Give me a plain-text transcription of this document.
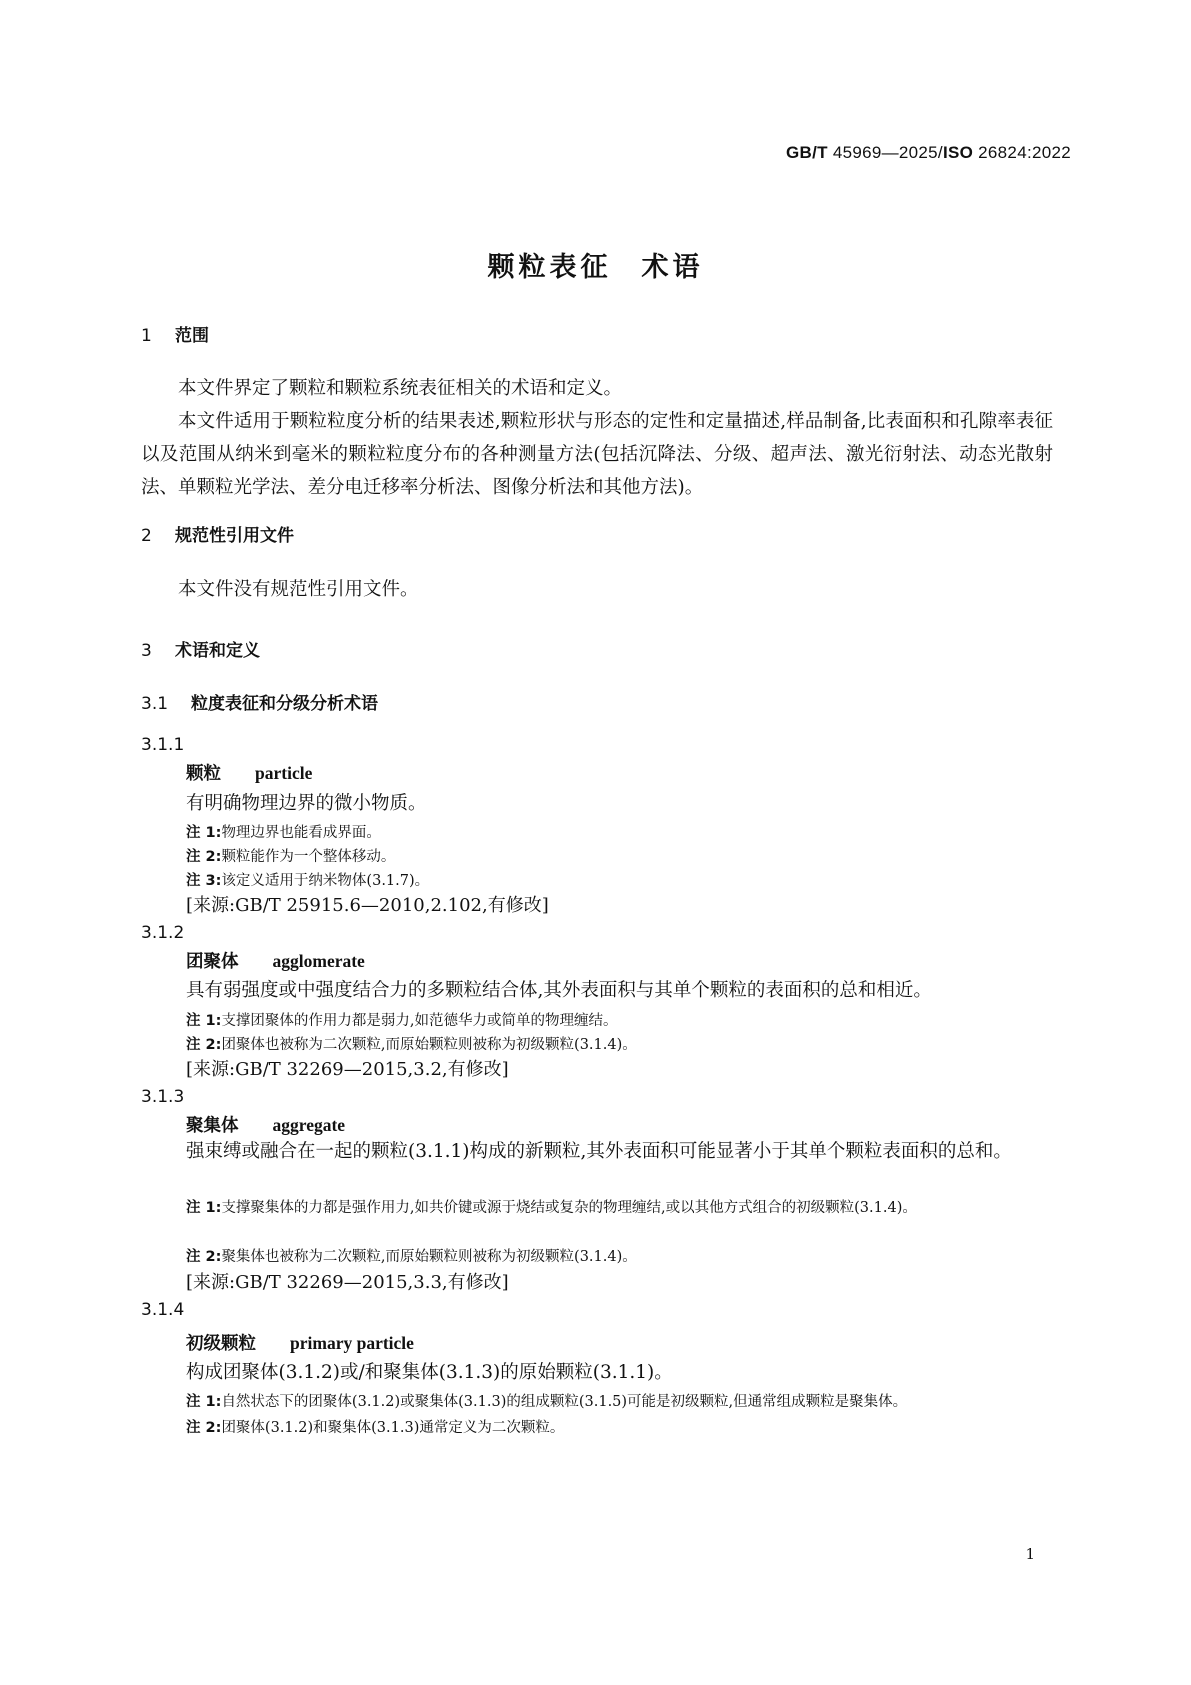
GB/T 45969—2025/ISO 26824:2022
颗粒表征 术语
1 范围

本文件界定了颗粒和颗粒系统表征相关的术语和定义。

本文件适用于颗粒粒度分析的结果表述,颗粒形状与形态的定性和定量描述,样品制备,比表面积和孔隙率表征以及范围从纳米到毫米的颗粒粒度分布的各种测量方法(包括沉降法、分级、超声法、激光衍射法、动态光散射法、单颗粒光学法、差分电迁移率分析法、图像分析法和其他方法)。

2 规范性引用文件

本文件没有规范性引用文件。

3 术语和定义
3.1 粒度表征和分级分析术语
3.1.1
颗粒 particle
有明确物理边界的微小物质。
注 1:物理边界也能看成界面。
注 2:颗粒能作为一个整体移动。
注 3:该定义适用于纳米物体(3.1.7)。
[来源:GB/T 25915.6—2010,2.102,有修改]
3.1.2
团聚体 agglomerate
具有弱强度或中强度结合力的多颗粒结合体,其外表面积与其单个颗粒的表面积的总和相近。
注 1:支撑团聚体的作用力都是弱力,如范德华力或简单的物理缠结。
注 2:团聚体也被称为二次颗粒,而原始颗粒则被称为初级颗粒(3.1.4)。
[来源:GB/T 32269—2015,3.2,有修改]
3.1.3
聚集体 aggregate

强束缚或融合在一起的颗粒(3.1.1)构成的新颗粒,其外表面积可能显著小于其单个颗粒表面积的总和。

注 1:支撑聚集体的力都是强作用力,如共价键或源于烧结或复杂的物理缠结,或以其他方式组合的初级颗粒(3.1.4)。

注 2:聚集体也被称为二次颗粒,而原始颗粒则被称为初级颗粒(3.1.4)。
[来源:GB/T 32269—2015,3.3,有修改]
3.1.4
初级颗粒 primary particle
构成团聚体(3.1.2)或/和聚集体(3.1.3)的原始颗粒(3.1.1)。
注 1:自然状态下的团聚体(3.1.2)或聚集体(3.1.3)的组成颗粒(3.1.5)可能是初级颗粒,但通常组成颗粒是聚集体。
注 2:团聚体(3.1.2)和聚集体(3.1.3)通常定义为二次颗粒。
1
